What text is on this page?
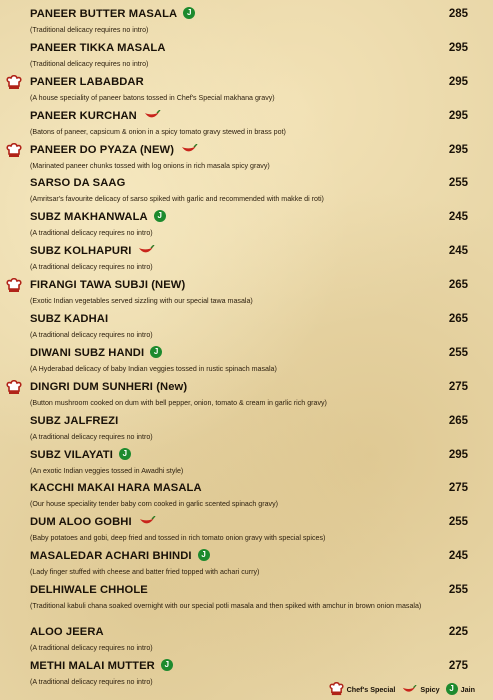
PANEER BUTTER MASALA J	285
(Traditional delicacy requires no intro)
PANEER TIKKA MASALA	295
(Traditional delicacy requires no intro)
PANEER LABABDAR	295
(A house speciality of paneer batons tossed in Chef's Special makhana gravy)
PANEER KURCHAN	295
(Batons of paneer, capsicum & onion in a spicy tomato gravy stewed in brass pot)
PANEER DO PYAZA (NEW)	295
(Marinated paneer chunks tossed with log onions in rich masala spicy gravy)
SARSO DA SAAG	255
(Amritsar's favourite delicacy of sarso spiked with garlic and recommended with makke di roti)
SUBZ MAKHANWALA J	245
(A traditional delicacy requires no intro)
SUBZ KOLHAPURI	245
(A traditional delicacy requires no intro)
FIRANGI TAWA SUBJI (NEW)	265
(Exotic Indian vegetables served sizzling with our special tawa masala)
SUBZ KADHAI	265
(A traditional delicacy requires no intro)
DIWANI SUBZ HANDI J	255
(A Hyderabad delicacy of baby Indian veggies tossed in rustic spinach masala)
DINGRI DUM SUNHERI (New)	275
(Button mushroom cooked on dum with bell pepper, onion, tomato & cream in garlic rich gravy)
SUBZ JALFREZI	265
(A traditional delicacy requires no intro)
SUBZ VILAYATI J	295
(An exotic Indian veggies tossed in Awadhi style)
KACCHI MAKAI HARA MASALA	275
(Our house speciality tender baby corn cooked in garlic scented spinach gravy)
DUM ALOO GOBHI	255
(Baby potatoes and gobi, deep fried and tossed in rich tomato onion gravy with special spices)
MASALEDAR ACHARI BHINDI J	245
(Lady finger stuffed with cheese and batter fried topped with achari curry)
DELHIWALE CHHOLE	255
(Traditional kabuli chana soaked overnight with our special potli masala and then spiked with amchur in brown onion masala)
ALOO JEERA	225
(A traditional delicacy requires no intro)
METHI MALAI MUTTER J	275
(A traditional delicacy requires no intro)
Chef's Special	Spicy	J Jain
